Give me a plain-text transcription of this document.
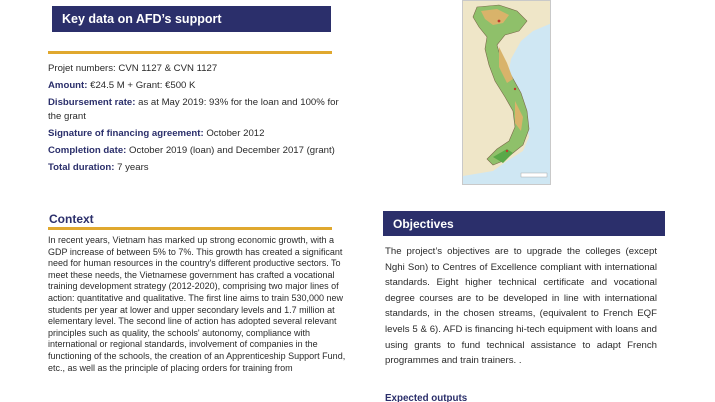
Key data on AFD’s support
Projet numbers: CVN 1127 & CVN 1127
Amount: €24.5 M + Grant: €500 K
Disbursement rate: as at May 2019: 93% for the loan and 100% for the grant
Signature of financing agreement: October 2012
Completion date: October 2019 (loan) and December 2017 (grant)
Total duration: 7 years
Context
In recent years, Vietnam has marked up strong economic growth, with a GDP increase of between 5% to 7%. This growth has created a significant need for human resources in the country's different productive sectors. To meet these needs, the Vietnamese government has crafted a vocational training development strategy (2012-2020), comprising two major lines of action: quantitative and qualitative. The first line aims to train 530,000 new students per year at lower and upper secondary levels and 1.7 million at elementary level. The second line of action has adopted several relevant principles such as quality, the schools' autonomy, compliance with international or regional standards, involvement of companies in the functioning of the schools, the creation of an Apprenticeship Support Fund, etc., as well as the principle of placing orders for training from
Objectives
The project’s objectives are to upgrade the colleges (except Nghi Son) to Centres of Excellence compliant with international standards. Eight higher technical certificate and vocational degree courses are to be developed in line with international standards, in the chosen streams, (equivalent to French EQF levels 5 & 6). AFD is financing hi-tech equipment with loans and using grants to fund technical assistance to adapt French programmes and train trainers. .
Expected outputs
